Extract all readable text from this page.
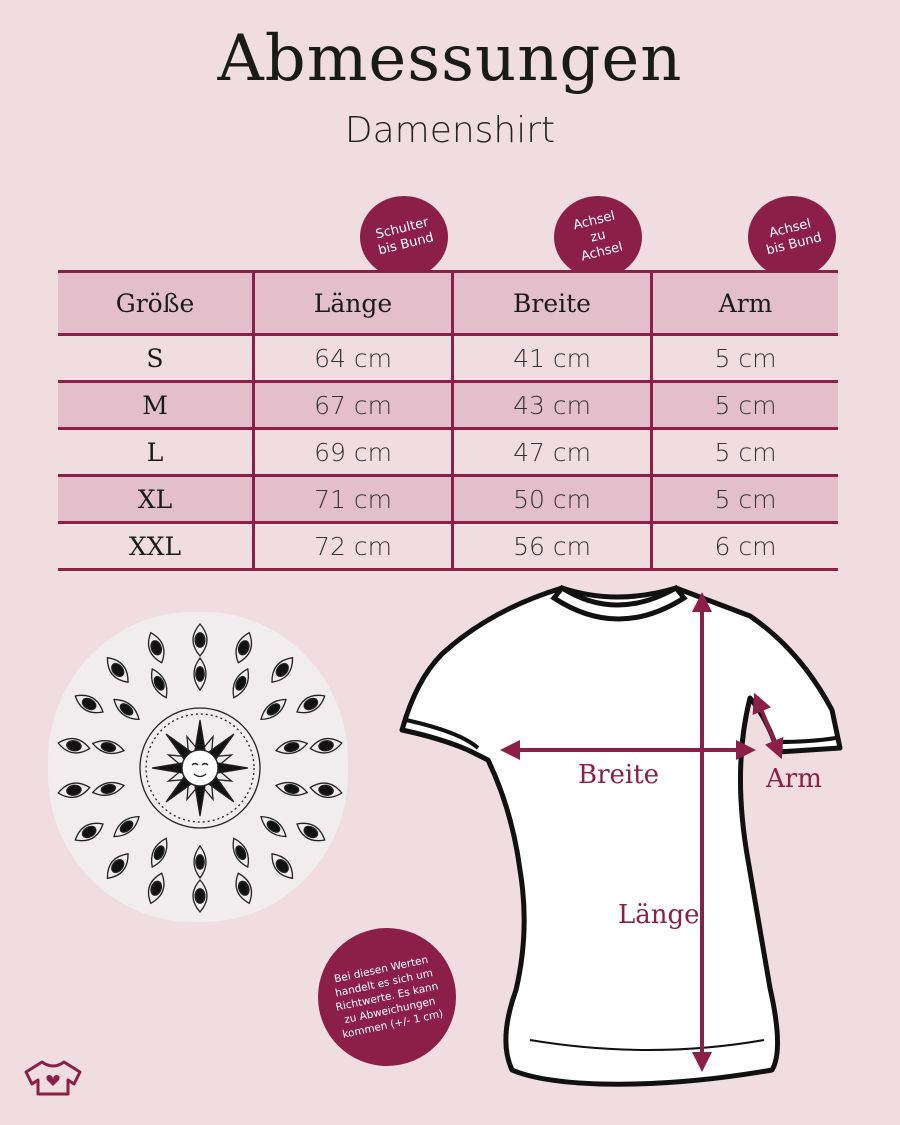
Abmessungen
Damenshirt
Schulter
bis Bund
Achsel
zu
Achsel
Achsel
bis Bund
Größe	Länge	Breite	Arm
S	64 cm	41 cm	5 cm
M	67 cm	43 cm	5 cm
L	69 cm	47 cm	5 cm
XL	71 cm	50 cm	5 cm
XXL	72 cm	56 cm	6 cm
Breite	Arm
Länge
Bei diesen Werten
handelt es sich um
Richtwerte. Es kann
zu Abweichungen
kommen (+/- 1 cm)
